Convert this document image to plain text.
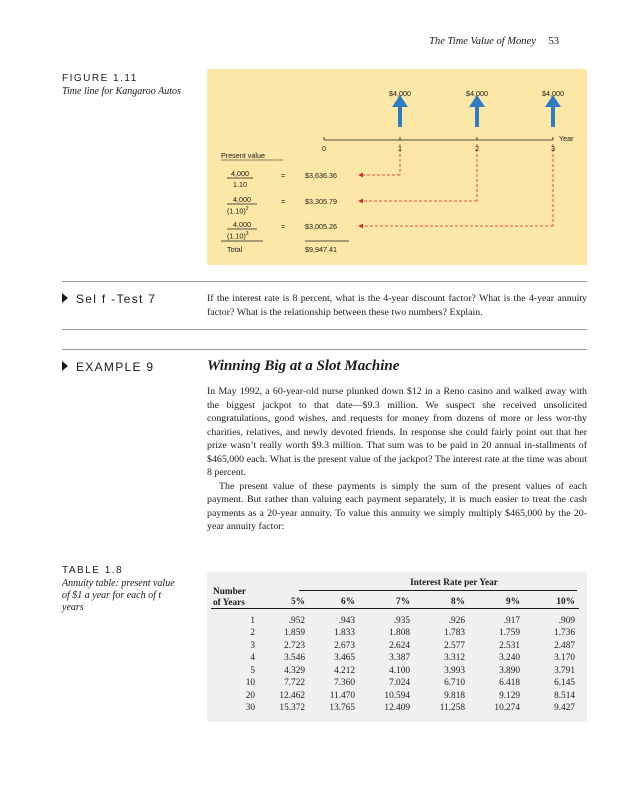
The Time Value of Money 53
FIGURE 1.11
Time line for Kangaroo Autos	$4,000	$4,000	$4,000
Year
0	1	2	3
Present value
4,000
1.10
=	$3,636.36
4,000
$(1.10)^2$
=	$3,305.79
4,000
$(1.10)^3$
=	$3,005.26
Total	$9,947.41
Sel f -Test 7	If the interest rate is 8 percent, what is the 4-year discount factor? What is the 4-year annuity factor? What is the relationship between these two numbers? Explain.
EXAMPLE 9	Winning Big at a Slot Machine

In May 1992, a 60-year-old nurse plunked down $12 in a Reno casino and walked away with the biggest jackpot to that date—$9.3 million. We suspect she received unsolicited congratulations, good wishes, and requests for money from dozens of more or less wor-thy charities, relatives, and newly devoted friends. In response she could fairly point out that her prize wasn’t really worth $9.3 million. That sum was to be paid in 20 annual in-stallments of $465,000 each. What is the present value of the jackpot? The interest rate at the time was about 8 percent.

The present value of these payments is simply the sum of the present values of each payment. But rather than valuing each payment separately, it is much easier to treat the cash payments as a 20-year annuity. To value this annuity we simply multiply $465,000 by the 20-year annuity factor:

TABLE 1.8
Annuity table: present value
of $1 a year for each of t
years
Interest Rate per Year
Number
of Years
		5%	6%	7%	8%	9%	10%

1	.952	.943	.935	.926	.917	.909
2	1.859	1.833	1.808	1.783	1.759	1.736
3	2.723	2.673	2.624	2.577	2.531	2.487
4	3.546	3.465	3.387	3.312	3.240	3.170
5	4.329	4.212	4.100	3.993	3.890	3.791
10	7.722	7.360	7.024	6.710	6.418	6.145
20	12.462	11.470	10.594	9.818	9.129	8.514
30	15.372	13.765	12.409	11.258	10.274	9.427
